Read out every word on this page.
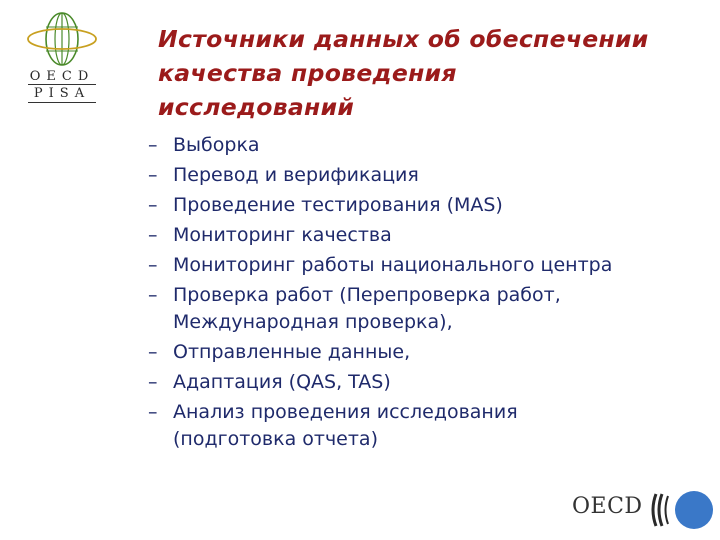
OECD
PISA
Источники данных об обеспечении
качества проведения
исследований
– Выборка
– Перевод и верификация
– Проведение тестирования (MAS)
– Мониторинг качества
– Мониторинг работы национального центра
– Проверка работ (Перепроверка работ, Международная проверка),
– Отправленные данные,
– Адаптация (QAS, TAS)
– Анализ проведения исследования (подготовка отчета)
OECD
